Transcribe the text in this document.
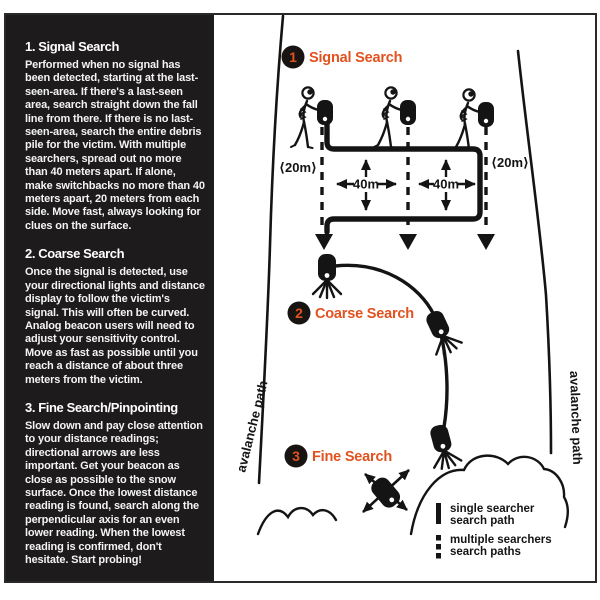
1. Signal Search

Performed when no signal has been detected, starting at the last-seen-area. If there's a last-seen area, search straight down the fall line from there. If there is no last-seen-area, search the entire debris pile for the victim. With multiple searchers, spread out no more than 40 meters apart. If alone, make switchbacks no more than 40 meters apart, 20 meters from each side. Move fast, always looking for clues on the surface.

2. Coarse Search

Once the signal is detected, use your directional lights and distance display to follow the victim's signal. This will often be curved. Analog beacon users will need to adjust your sensitivity control. Move as fast as possible until you reach a distance of about three meters from the victim.

3. Fine Search/Pinpointing

Slow down and pay close attention to your distance readings; directional arrows are less important. Get your beacon as close as possible to the snow surface. Once the lowest distance reading is found, search along the perpendicular axis for an even lower reading. When the lowest reading is confirmed, don't hesitate. Start probing!

avalanche path	avalanche path
1 Signal Search
40m	40m
⟨20m⟩	⟨20m⟩
2 Coarse Search
3 Fine Search
single searcher
search path
multiple searchers
search paths
